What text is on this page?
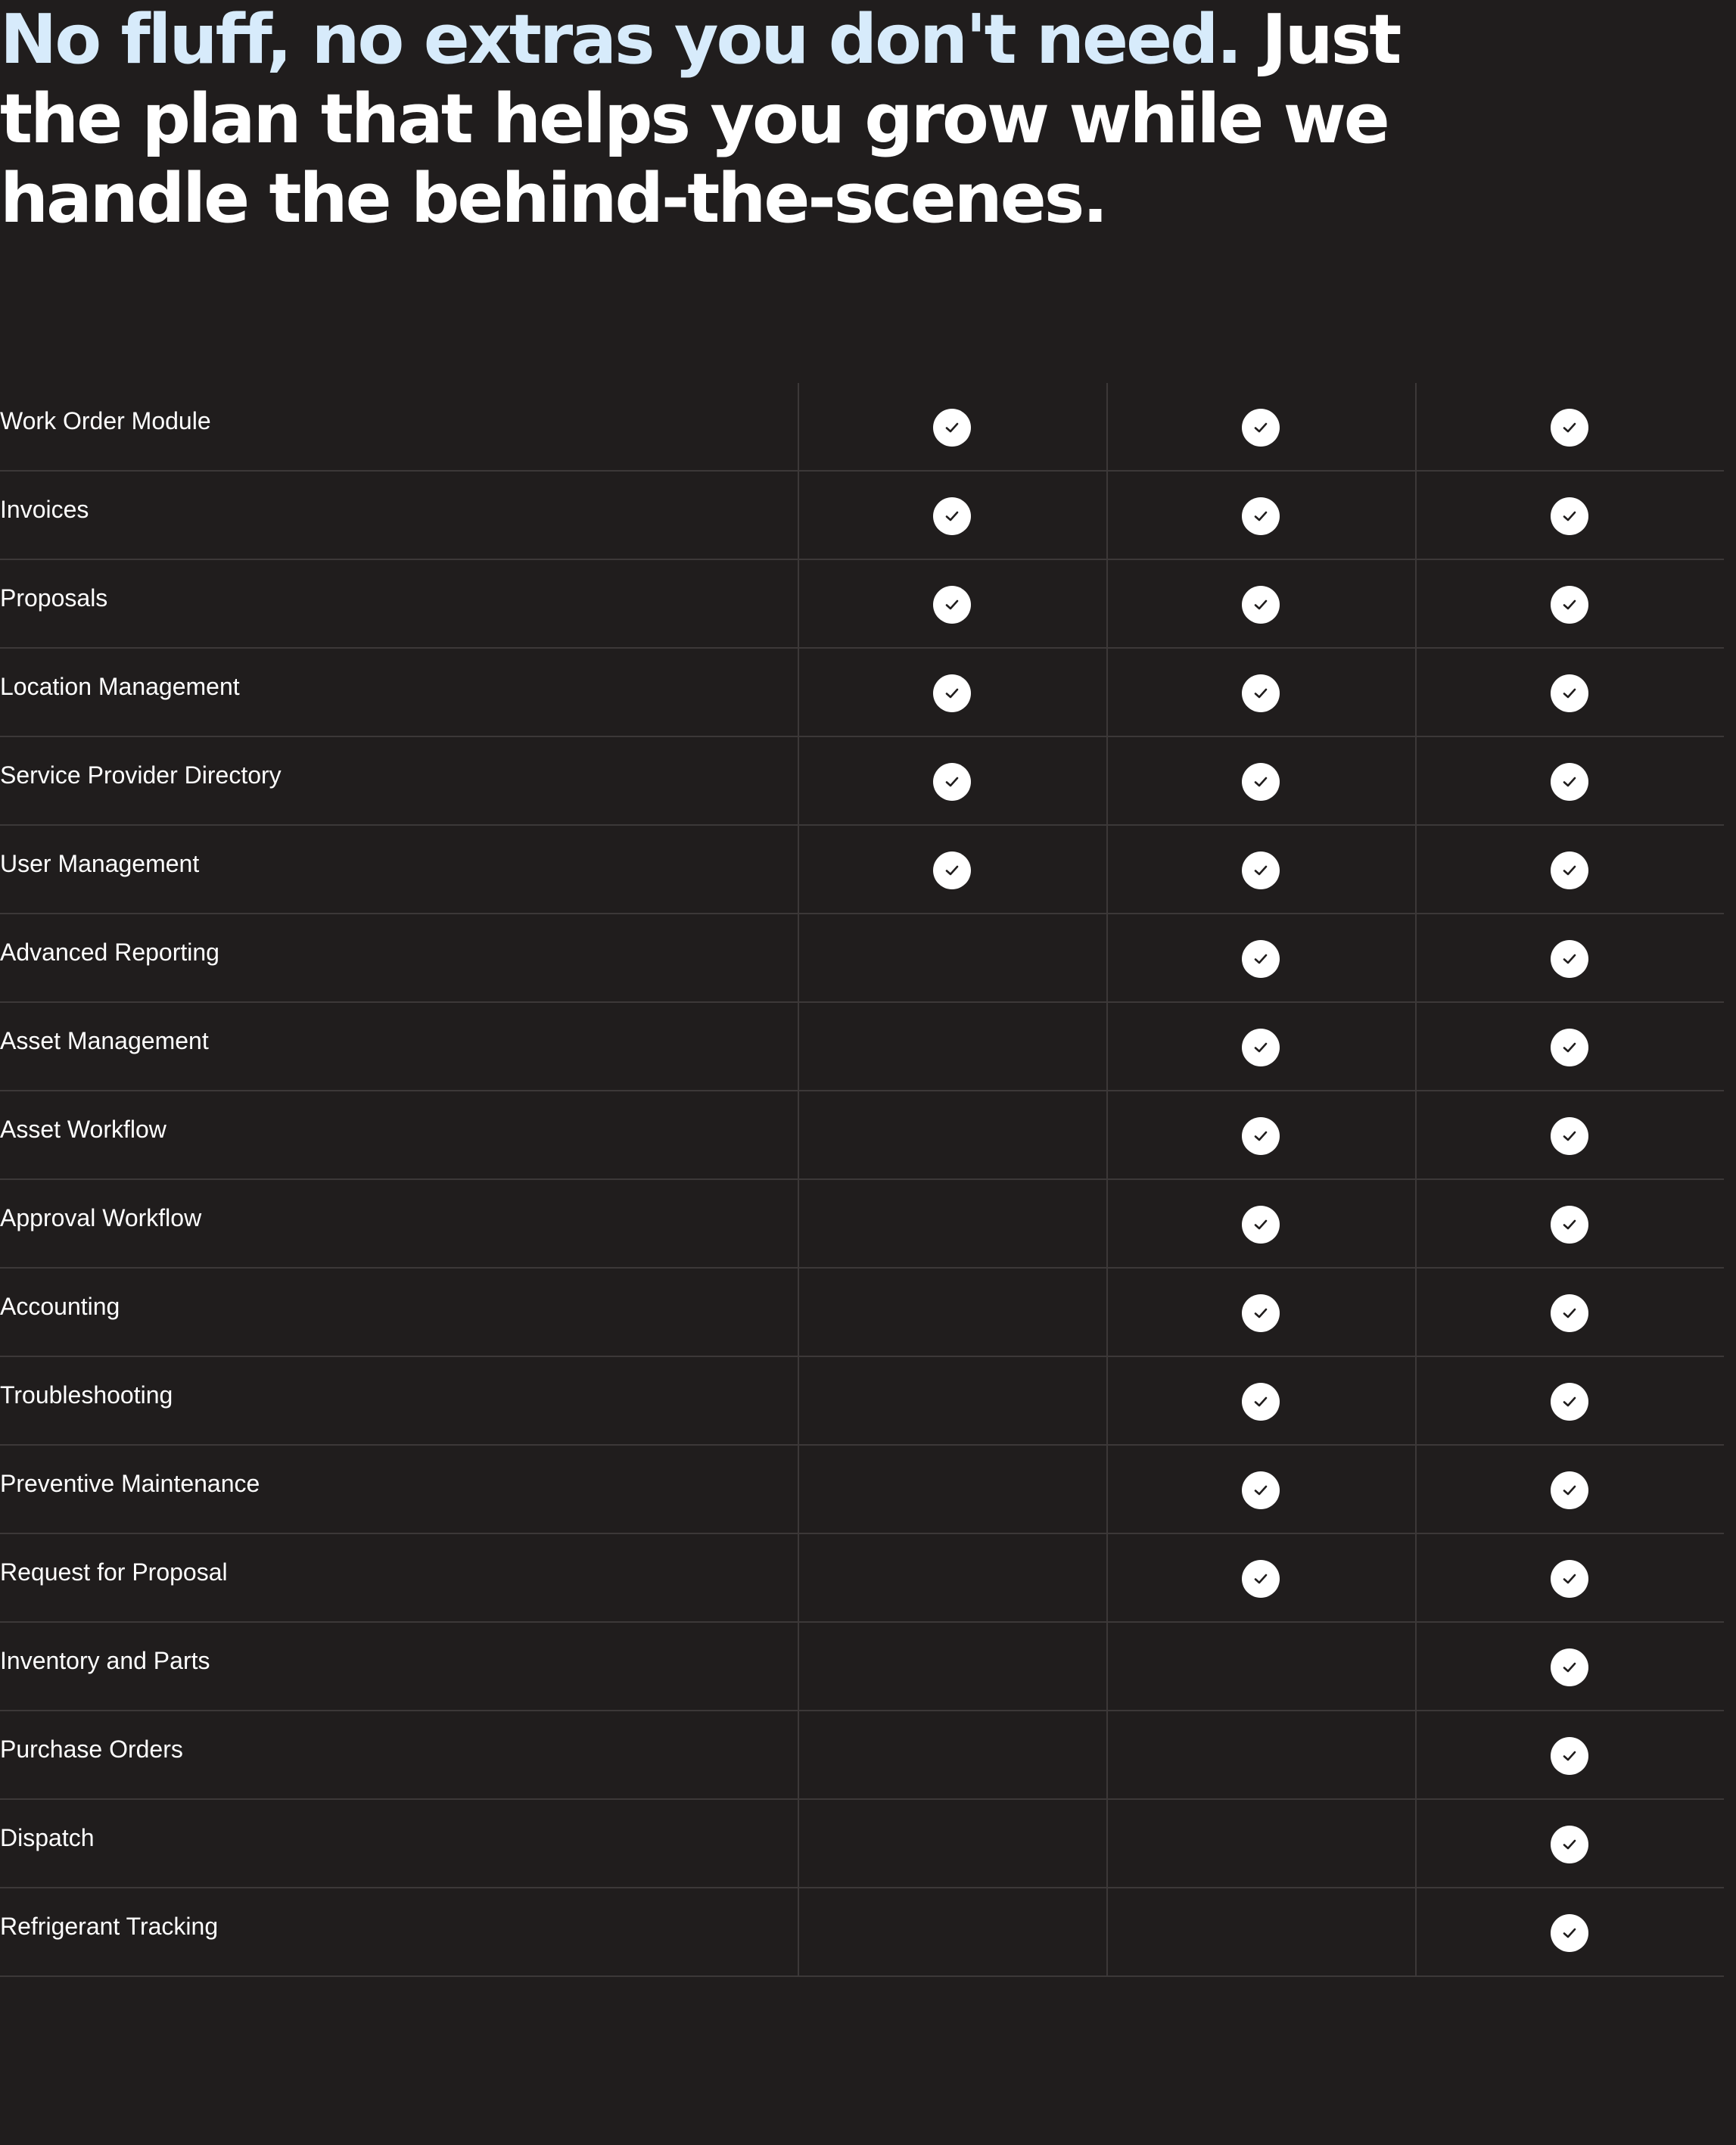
No fluff, no extras you don't need. Just the plan that helps you grow while we handle the behind-the-scenes.
Work Order Module
Invoices
Proposals
Location Management
Service Provider Directory
User Management
Advanced Reporting
Asset Management
Asset Workflow
Approval Workflow
Accounting
Troubleshooting
Preventive Maintenance
Request for Proposal
Inventory and Parts
Purchase Orders
Dispatch
Refrigerant Tracking
